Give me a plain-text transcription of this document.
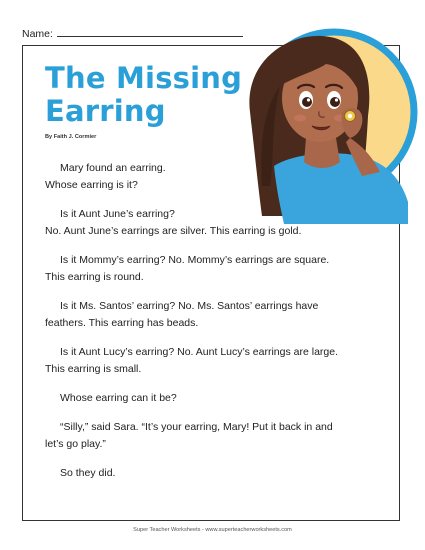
Name:
The Missing
Earring
By Faith J. Cormier

Mary found an earring.

Whose earring is it?

Is it Aunt June’s earring?

No. Aunt June’s earrings are silver. This earring is gold.

Is it Mommy’s earring? No. Mommy’s earrings are square.

This earring is round.

Is it Ms. Santos’ earring? No. Ms. Santos’ earrings have

feathers. This earring has beads.

Is it Aunt Lucy’s earring? No. Aunt Lucy’s earrings are large.

This earring is small.

Whose earring can it be?

“Silly,” said Sara. “It’s your earring, Mary! Put it back in and

let’s go play.”

So they did.

Super Teacher Worksheets - www.superteacherworksheets.com
